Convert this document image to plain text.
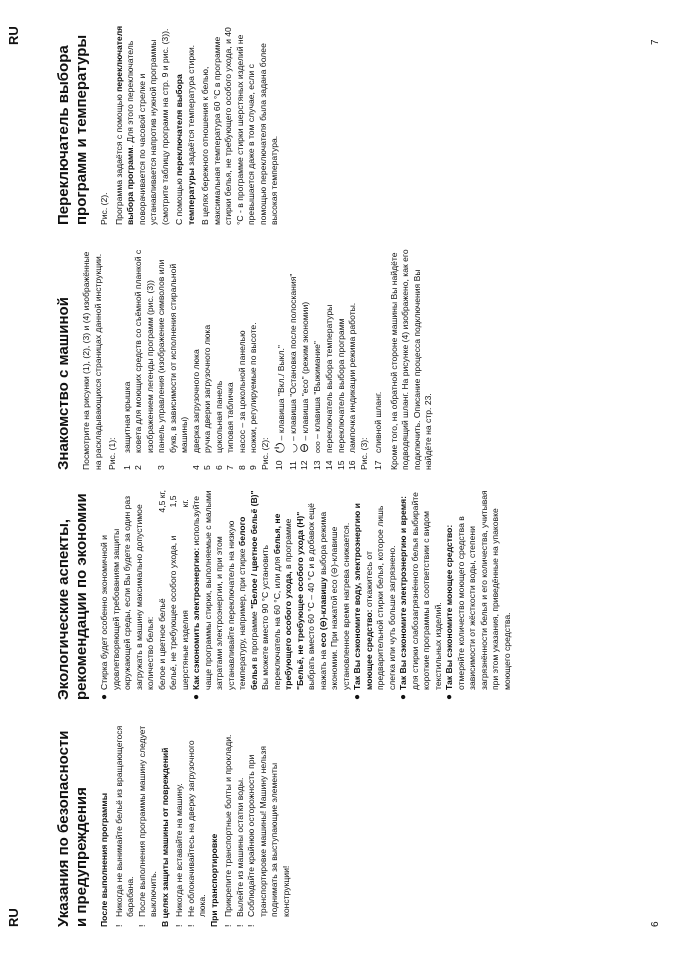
RU
RU
6
7
Указания по безопасности и предупреждения После выполнения программы !
Никогда не вынимайте бельё из вращающегося барабана.
!
После выполнения программы машину следует выключить. В целях защиты машины от повреждений !
Никогда не вставайте на машину.
!
Не облокачивайтесь на дверку загрузочного люка. При транспортировке !
Прикрепите транспортные болты и проклади.
!
Вылейте из машины остатки воды.
!
Соблюдайте крайнюю осторожность при транспортировке машины! Машину нельзя поднимать за выступающие элементы конструкции!
Экологические аспекты, рекомендации по экономии ●
Стирка будет особенно экономичной и удовлетворяющей требованиям защиты окружающей среды, если Вы будете за один раз загружать в машину максимально допустимое количество белья: белое и цветное бельё
4,5 кг,
бельё, не требующее особого ухода, и шерстяные изделия
1,5 кг.
●
Как сэкономить электроэнергию: используйте чаще программы стирки, выполняемые с малыми затратами электроэнергии, и при этом устанавливайте переключатель на низкую температуру, например, при стирке белого белья в программе "Белое / цветное бельё (B)" Вы можете вместо 90 °C установить переключатель на 60 °C, или для белья, не требующего особого ухода, в программе "Бельё, не требующее особого ухода (H)" выбрать вместо 60 °C – 40 °C и в добавок ещё нажать на eco (⊖)-клавишу выбора режима экономии. При нажатой eco (⊖)-клавише установленное время нагрева снижается.
●
Так Вы сэкономите воду, электроэнергию и моющее средство: откажитесь от предварительной стирки белья, которое лишь слегка или чуть больше загрязнено.
●
Так Вы сэкономите электроэнергию и время: для стирки слабозагрязнённого белья выбирайте короткие программы в соответствии с видом текстильных изделий.
●
Так Вы сэкономите моющее средство: отмеряйте количество моющего средства в зависимости от жёсткости воды, степени загрязнённости белья и его количества, учитывая при этом указания, приведённые на упаковке моющего средства.
Знакомство с машиной Посмотрите на рисунки (1), (2), (3) и (4) изображённые на раскладывающихся страницах данной инструкции. Рис. (1): 1
защитная крышка
2
ковета для моющих средств со съёмной планкой с изображением легенды программ (рис. (3))
3
панель управления (изображение символов или букв, в зависимости от исполнения стиральной машины)
4
дверка загрузочного люка
5
ручка дверки загрузочного люка
6
цокольная панель
7
типовая табличка
8
насос – за цокольной панелью
9
ножки, регулируемые по высоте.

Рис. (2): 10
⏻ – клавиша "Вкл./ Выкл."
11
◡ – клавиша "Остановка после полоскания"
12
⊖ – клавиша "eco" (режим экономии)
13
ooo – клавиша "Выжимание"
14
переключатель выбора температуры
15
переключатель выбора программ
16
лампочка индикации режима работы.

Рис. (3): 17
сливной шланг. Кроме того, на обратной стороне машины Вы найдёте подводящий шланг. На рисунке (4) изображено, как его подключить. Описание процесса подключения Вы найдёте на стр. 23.

Переключатель выбора программ и температуры Рис. (2). Программа задаётся с помощью переключателя выбора программ. Для этого переключатель поворачивается по часовой стрелке и устанавливается напротив нужной программы (смотрите таблицу программ на стр. 9 и рис. (3)). С помощью переключателя выбора температуры задаётся температура стирки. В целях бережного отношения к белью, максимальная температура 60 °C в программе стирки белья, не требующего особого ухода, и 40 °C - в программе стирки шерстяных изделий не превышается даже в том случае, если с помощью переключателя была задана более высокая температура.
